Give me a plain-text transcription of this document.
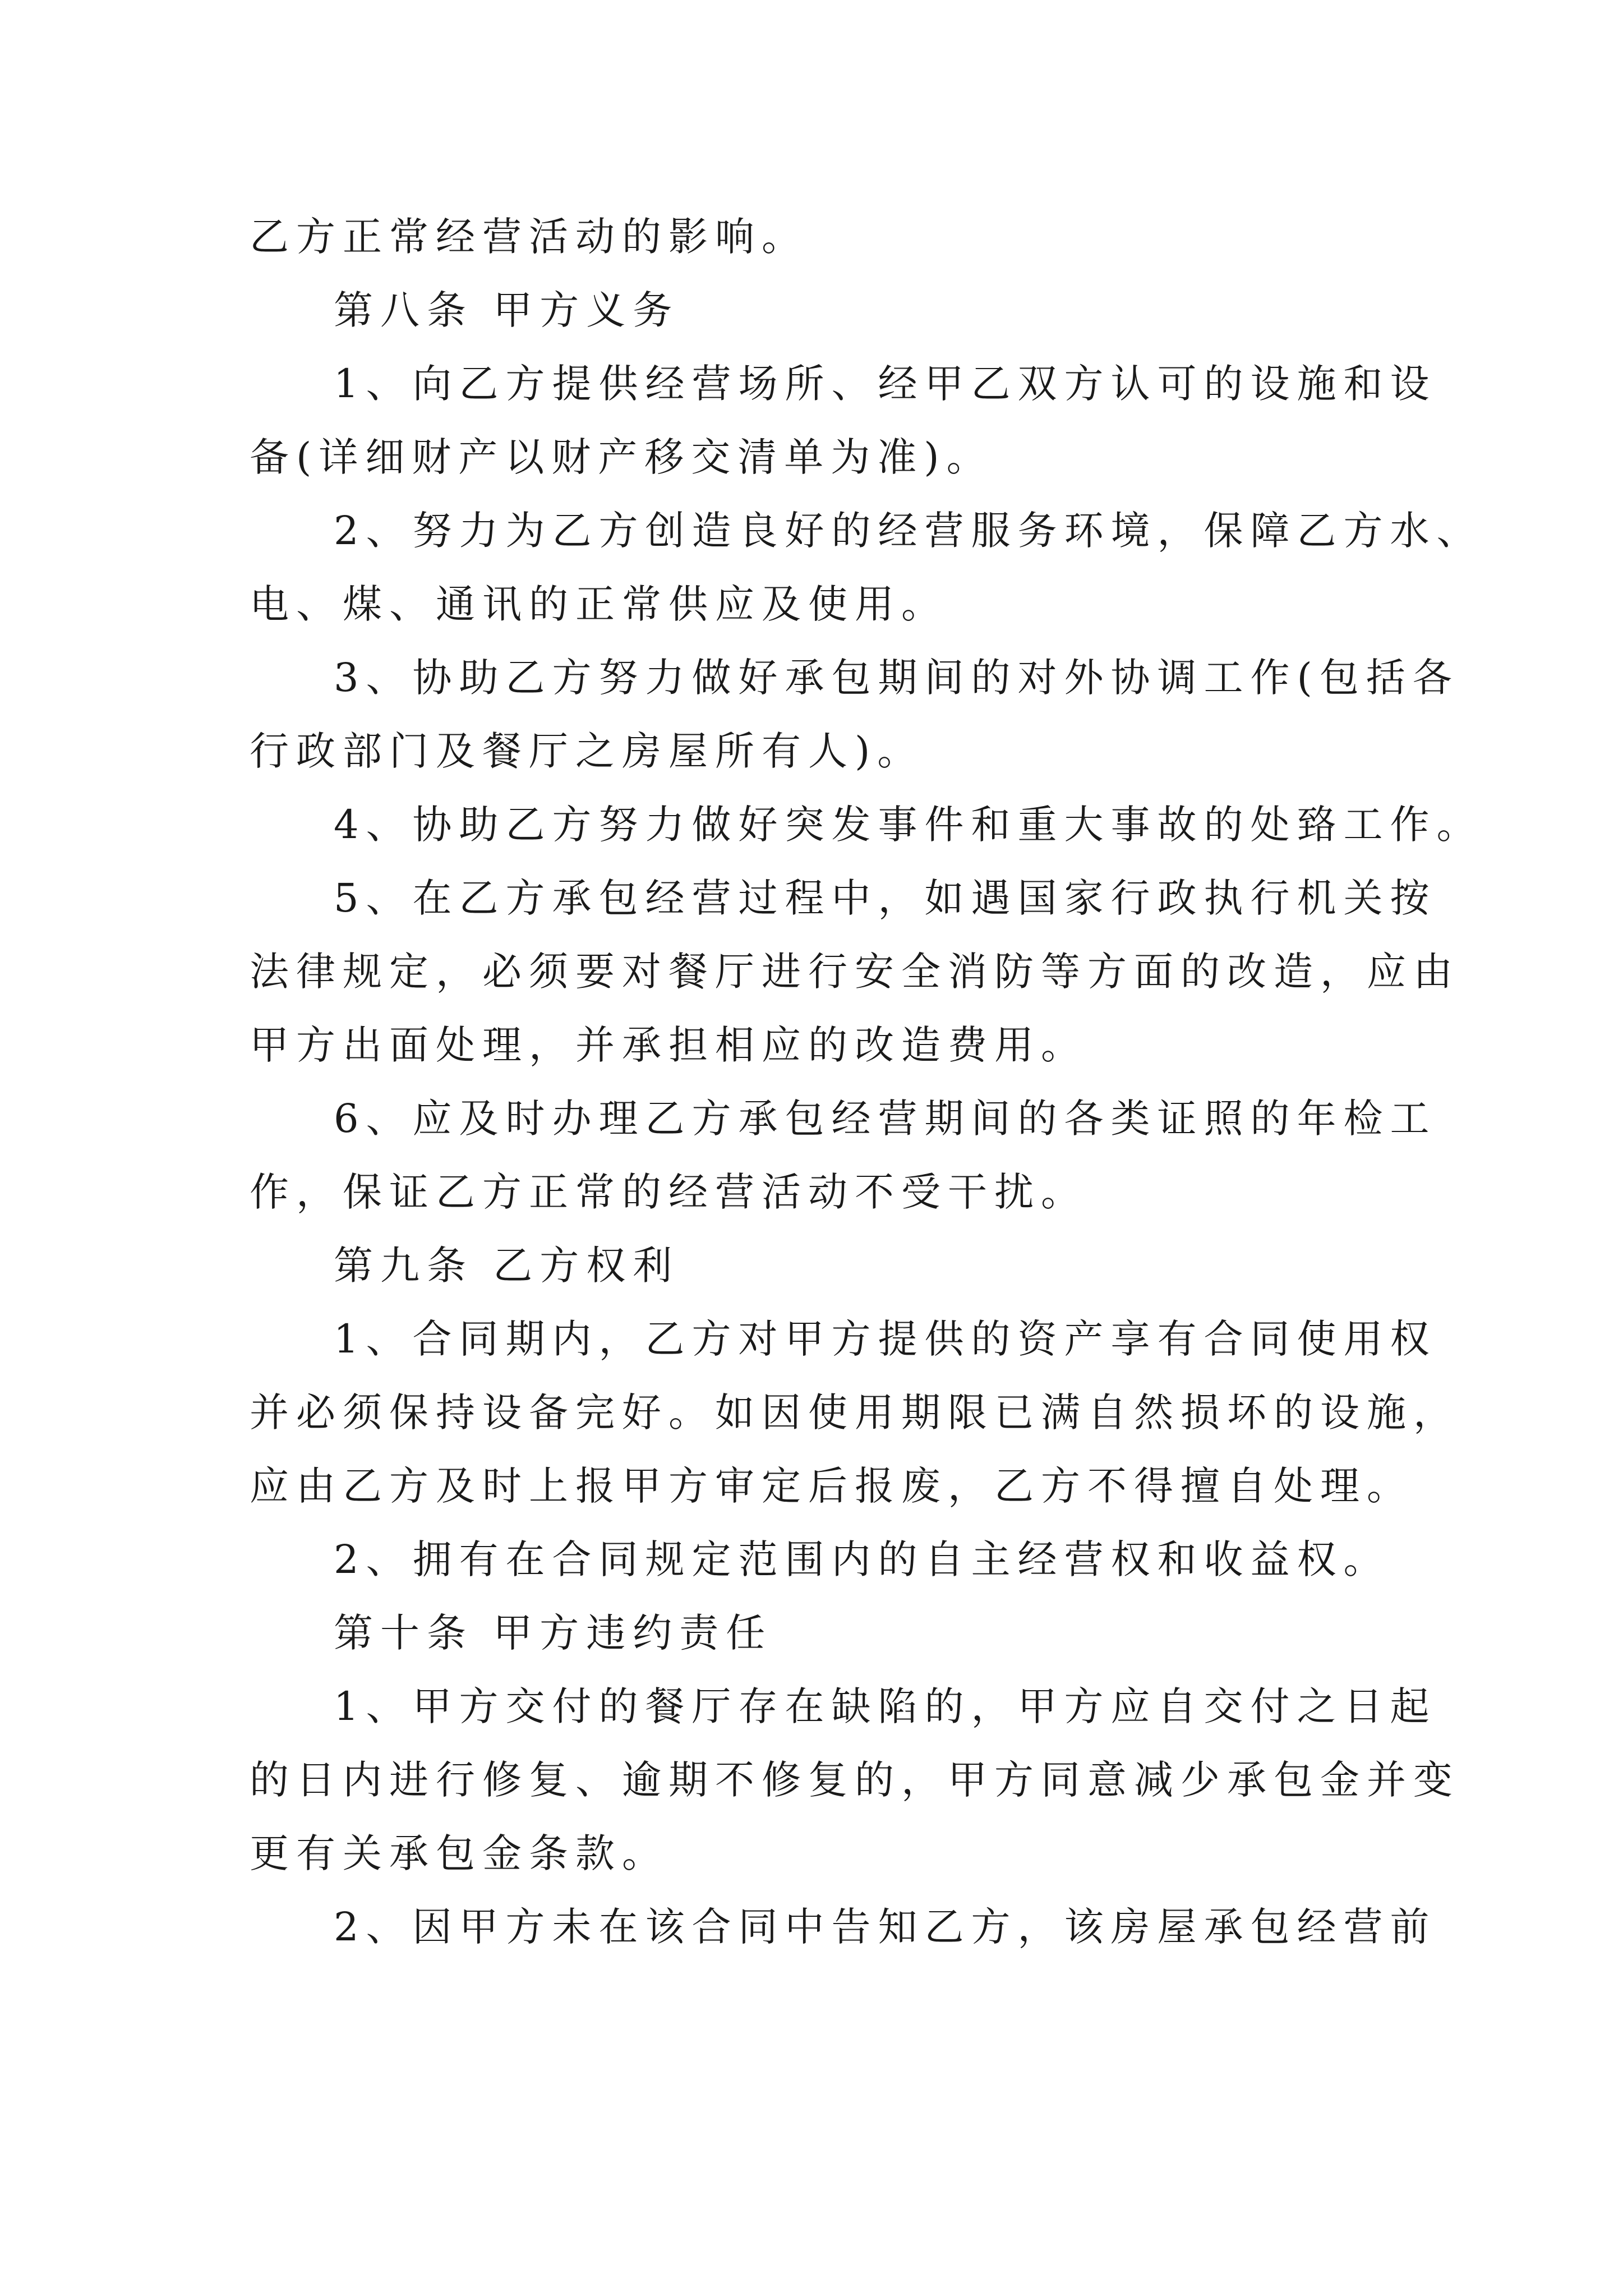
乙方正常经营活动的影响。
第八条 甲方义务
1、向乙方提供经营场所、经甲乙双方认可的设施和设
备(详细财产以财产移交清单为准)。
2、努力为乙方创造良好的经营服务环境，保障乙方水、
电、煤、通讯的正常供应及使用。
3、协助乙方努力做好承包期间的对外协调工作(包括各
行政部门及餐厅之房屋所有人)。
4、协助乙方努力做好突发事件和重大事故的处臵工作。
5、在乙方承包经营过程中，如遇国家行政执行机关按
法律规定，必须要对餐厅进行安全消防等方面的改造，应由
甲方出面处理，并承担相应的改造费用。
6、应及时办理乙方承包经营期间的各类证照的年检工
作，保证乙方正常的经营活动不受干扰。
第九条 乙方权利
1、合同期内，乙方对甲方提供的资产享有合同使用权
并必须保持设备完好。如因使用期限已满自然损坏的设施，
应由乙方及时上报甲方审定后报废，乙方不得擅自处理。
2、拥有在合同规定范围内的自主经营权和收益权。
第十条 甲方违约责任
1、甲方交付的餐厅存在缺陷的，甲方应自交付之日起
的日内进行修复、逾期不修复的，甲方同意减少承包金并变
更有关承包金条款。
2、因甲方未在该合同中告知乙方，该房屋承包经营前
